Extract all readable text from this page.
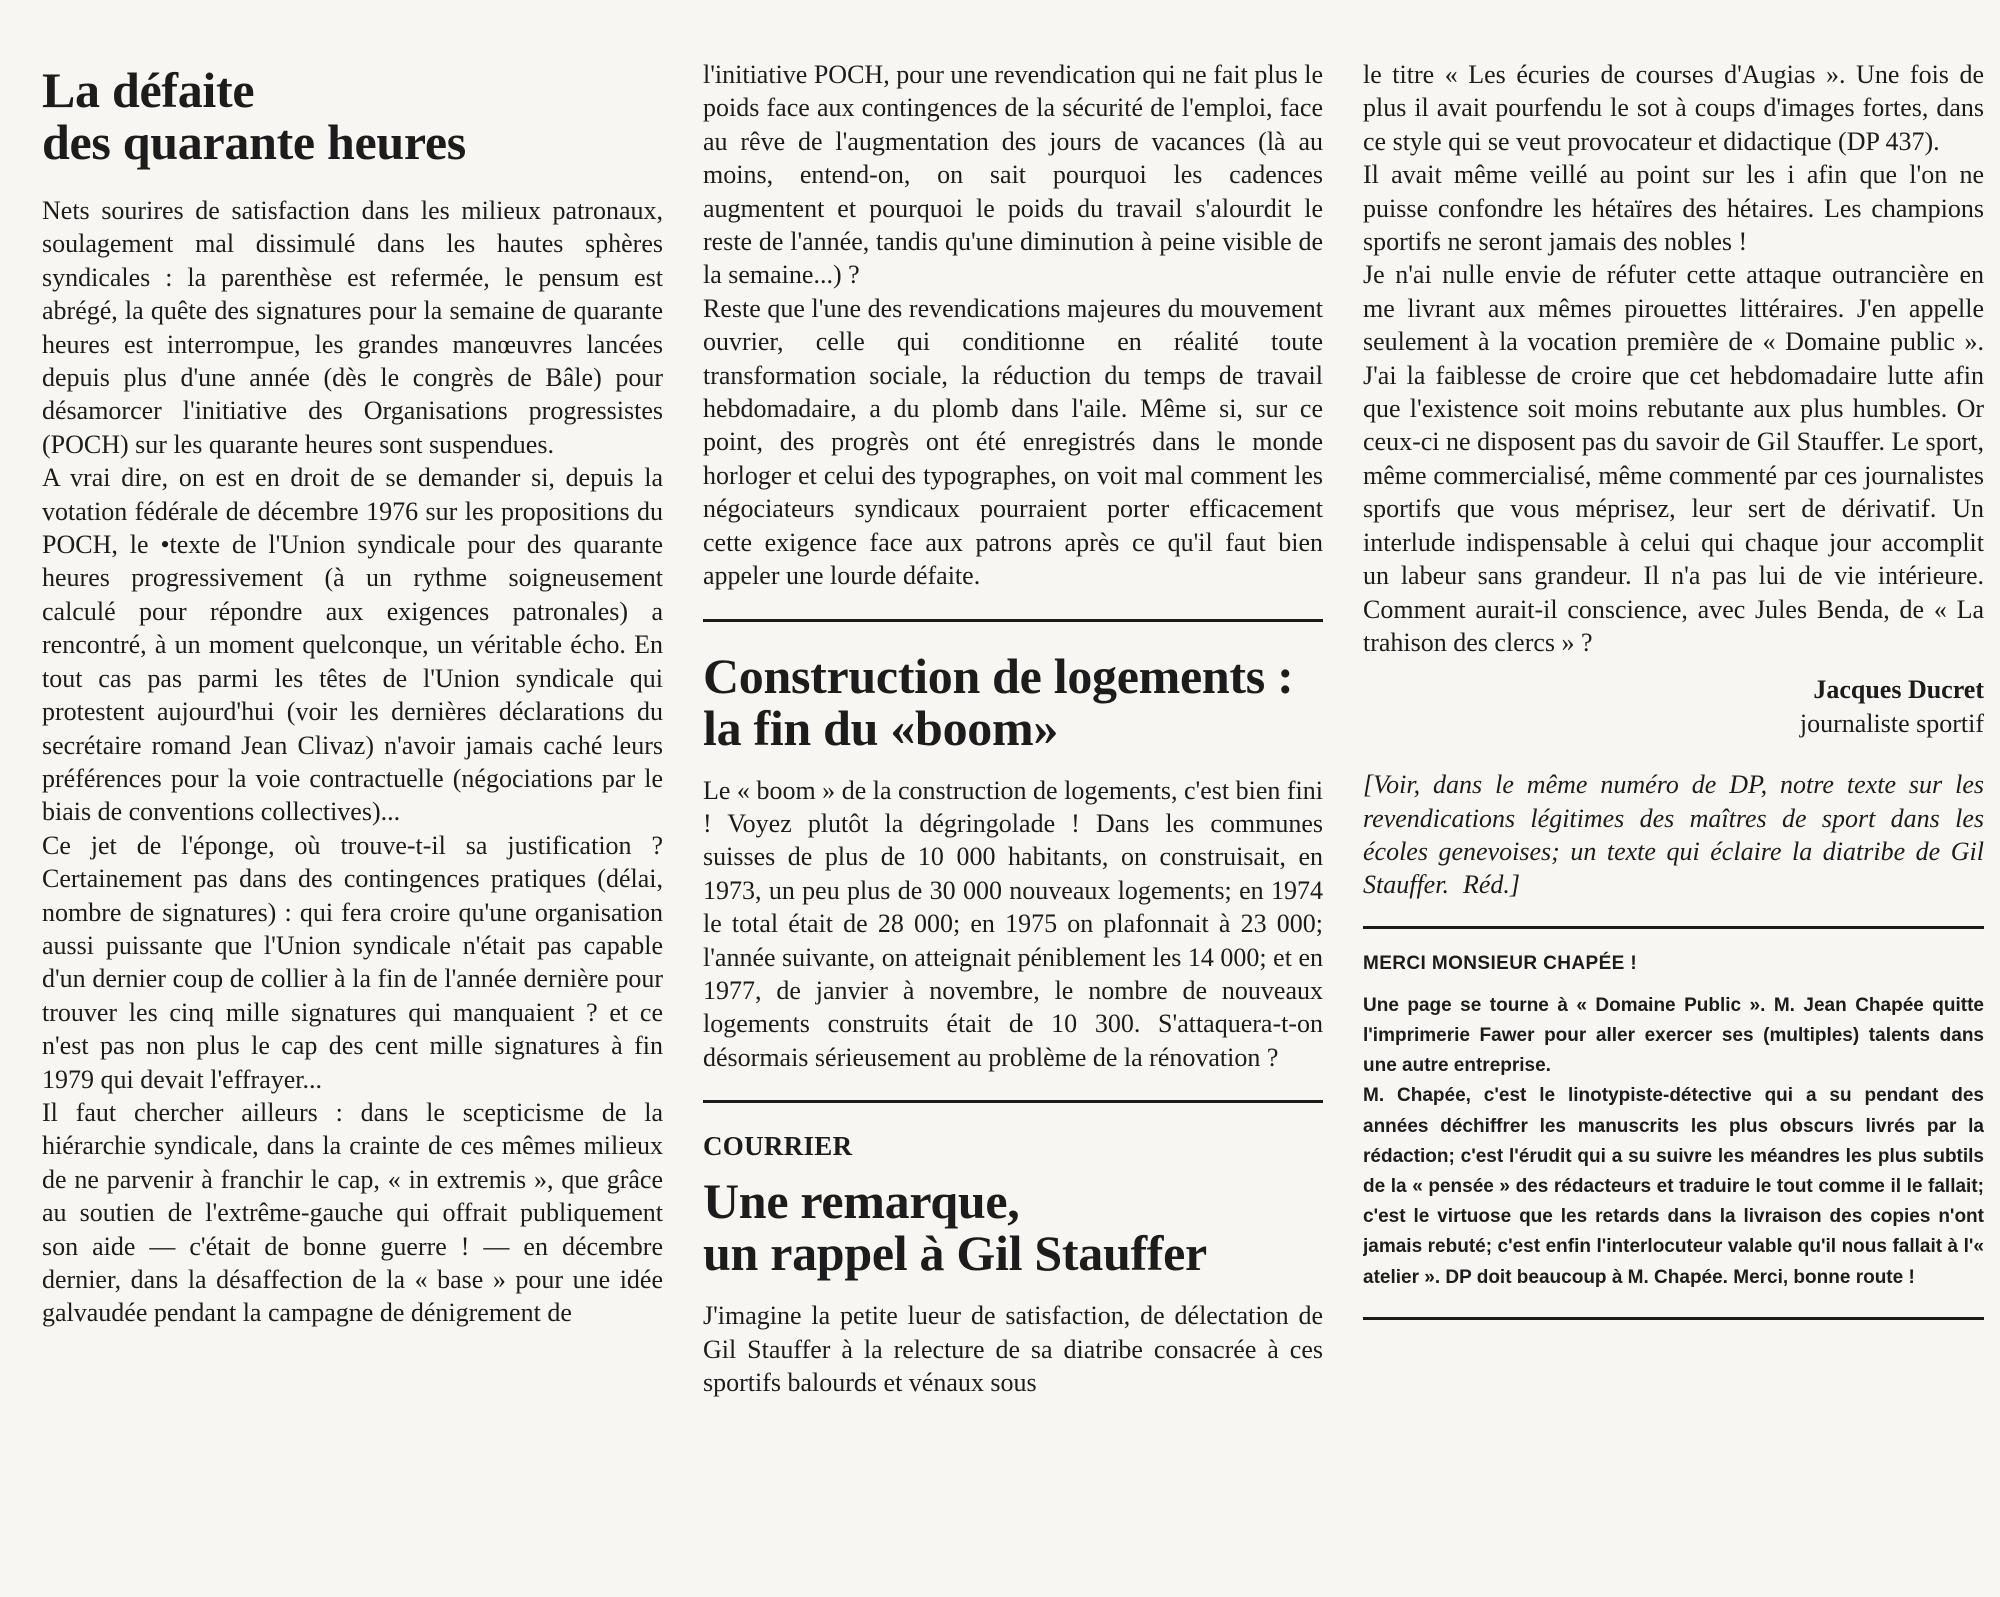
La défaite
des quarante heures

Nets sourires de satisfaction dans les milieux patronaux, soulagement mal dissimulé dans les hautes sphères syndicales : la parenthèse est refermée, le pensum est abrégé, la quête des signatures pour la semaine de quarante heures est interrompue, les grandes manœuvres lancées depuis plus d'une année (dès le congrès de Bâle) pour désamorcer l'initiative des Organisations progressistes (POCH) sur les quarante heures sont suspendues.

A vrai dire, on est en droit de se demander si, depuis la votation fédérale de décembre 1976 sur les propositions du POCH, le •texte de l'Union syndicale pour des quarante heures progressivement (à un rythme soigneusement calculé pour répondre aux exigences patronales) a rencontré, à un moment quelconque, un véritable écho. En tout cas pas parmi les têtes de l'Union syndicale qui protestent aujourd'hui (voir les dernières déclarations du secrétaire romand Jean Clivaz) n'avoir jamais caché leurs préférences pour la voie contractuelle (négociations par le biais de conventions collectives)...

Ce jet de l'éponge, où trouve-t-il sa justification ? Certainement pas dans des contingences pratiques (délai, nombre de signatures) : qui fera croire qu'une organisation aussi puissante que l'Union syndicale n'était pas capable d'un dernier coup de collier à la fin de l'année dernière pour trouver les cinq mille signatures qui manquaient ? et ce n'est pas non plus le cap des cent mille signatures à fin 1979 qui devait l'effrayer...

Il faut chercher ailleurs : dans le scepticisme de la hiérarchie syndicale, dans la crainte de ces mêmes milieux de ne parvenir à franchir le cap, « in extremis », que grâce au soutien de l'extrême-gauche qui offrait publiquement son aide — c'était de bonne guerre ! — en décembre dernier, dans la désaffection de la « base » pour une idée galvaudée pendant la campagne de dénigrement de

l'initiative POCH, pour une revendication qui ne fait plus le poids face aux contingences de la sécurité de l'emploi, face au rêve de l'augmentation des jours de vacances (là au moins, entend-on, on sait pourquoi les cadences augmentent et pourquoi le poids du travail s'alourdit le reste de l'année, tandis qu'une diminution à peine visible de la semaine...) ?

Reste que l'une des revendications majeures du mouvement ouvrier, celle qui conditionne en réalité toute transformation sociale, la réduction du temps de travail hebdomadaire, a du plomb dans l'aile. Même si, sur ce point, des progrès ont été enregistrés dans le monde horloger et celui des typographes, on voit mal comment les négociateurs syndicaux pourraient porter efficacement cette exigence face aux patrons après ce qu'il faut bien appeler une lourde défaite.

Construction de logements :
la fin du «boom»

Le « boom » de la construction de logements, c'est bien fini ! Voyez plutôt la dégringolade ! Dans les communes suisses de plus de 10 000 habitants, on construisait, en 1973, un peu plus de 30 000 nouveaux logements; en 1974 le total était de 28 000; en 1975 on plafonnait à 23 000; l'année suivante, on atteignait péniblement les 14 000; et en 1977, de janvier à novembre, le nombre de nouveaux logements construits était de 10 300. S'attaquera-t-on désormais sérieusement au problème de la rénovation ?

COURRIER
Une remarque,
un rappel à Gil Stauffer

J'imagine la petite lueur de satisfaction, de délectation de Gil Stauffer à la relecture de sa diatribe consacrée à ces sportifs balourds et vénaux sous

le titre « Les écuries de courses d'Augias ». Une fois de plus il avait pourfendu le sot à coups d'images fortes, dans ce style qui se veut provocateur et didactique (DP 437).

Il avait même veillé au point sur les i afin que l'on ne puisse confondre les hétaïres des hétaires. Les champions sportifs ne seront jamais des nobles !

Je n'ai nulle envie de réfuter cette attaque outrancière en me livrant aux mêmes pirouettes littéraires. J'en appelle seulement à la vocation première de « Domaine public ». J'ai la faiblesse de croire que cet hebdomadaire lutte afin que l'existence soit moins rebutante aux plus humbles. Or ceux-ci ne disposent pas du savoir de Gil Stauffer. Le sport, même commercialisé, même commenté par ces journalistes sportifs que vous méprisez, leur sert de dérivatif. Un interlude indispensable à celui qui chaque jour accomplit un labeur sans grandeur. Il n'a pas lui de vie intérieure. Comment aurait-il conscience, avec Jules Benda, de « La trahison des clercs » ?

Jacques Ducret
journaliste sportif

[Voir, dans le même numéro de DP, notre texte sur les revendications légitimes des maîtres de sport dans les écoles genevoises; un texte qui éclaire la diatribe de Gil Stauffer. Réd.]

MERCI MONSIEUR CHAPÉE !

Une page se tourne à « Domaine Public ». M. Jean Chapée quitte l'imprimerie Fawer pour aller exercer ses (multiples) talents dans une autre entreprise.

M. Chapée, c'est le linotypiste-détective qui a su pendant des années déchiffrer les manuscrits les plus obscurs livrés par la rédaction; c'est l'érudit qui a su suivre les méandres les plus subtils de la « pensée » des rédacteurs et traduire le tout comme il le fallait; c'est le virtuose que les retards dans la livraison des copies n'ont jamais rebuté; c'est enfin l'interlocuteur valable qu'il nous fallait à l'« atelier ». DP doit beaucoup à M. Chapée. Merci, bonne route !
